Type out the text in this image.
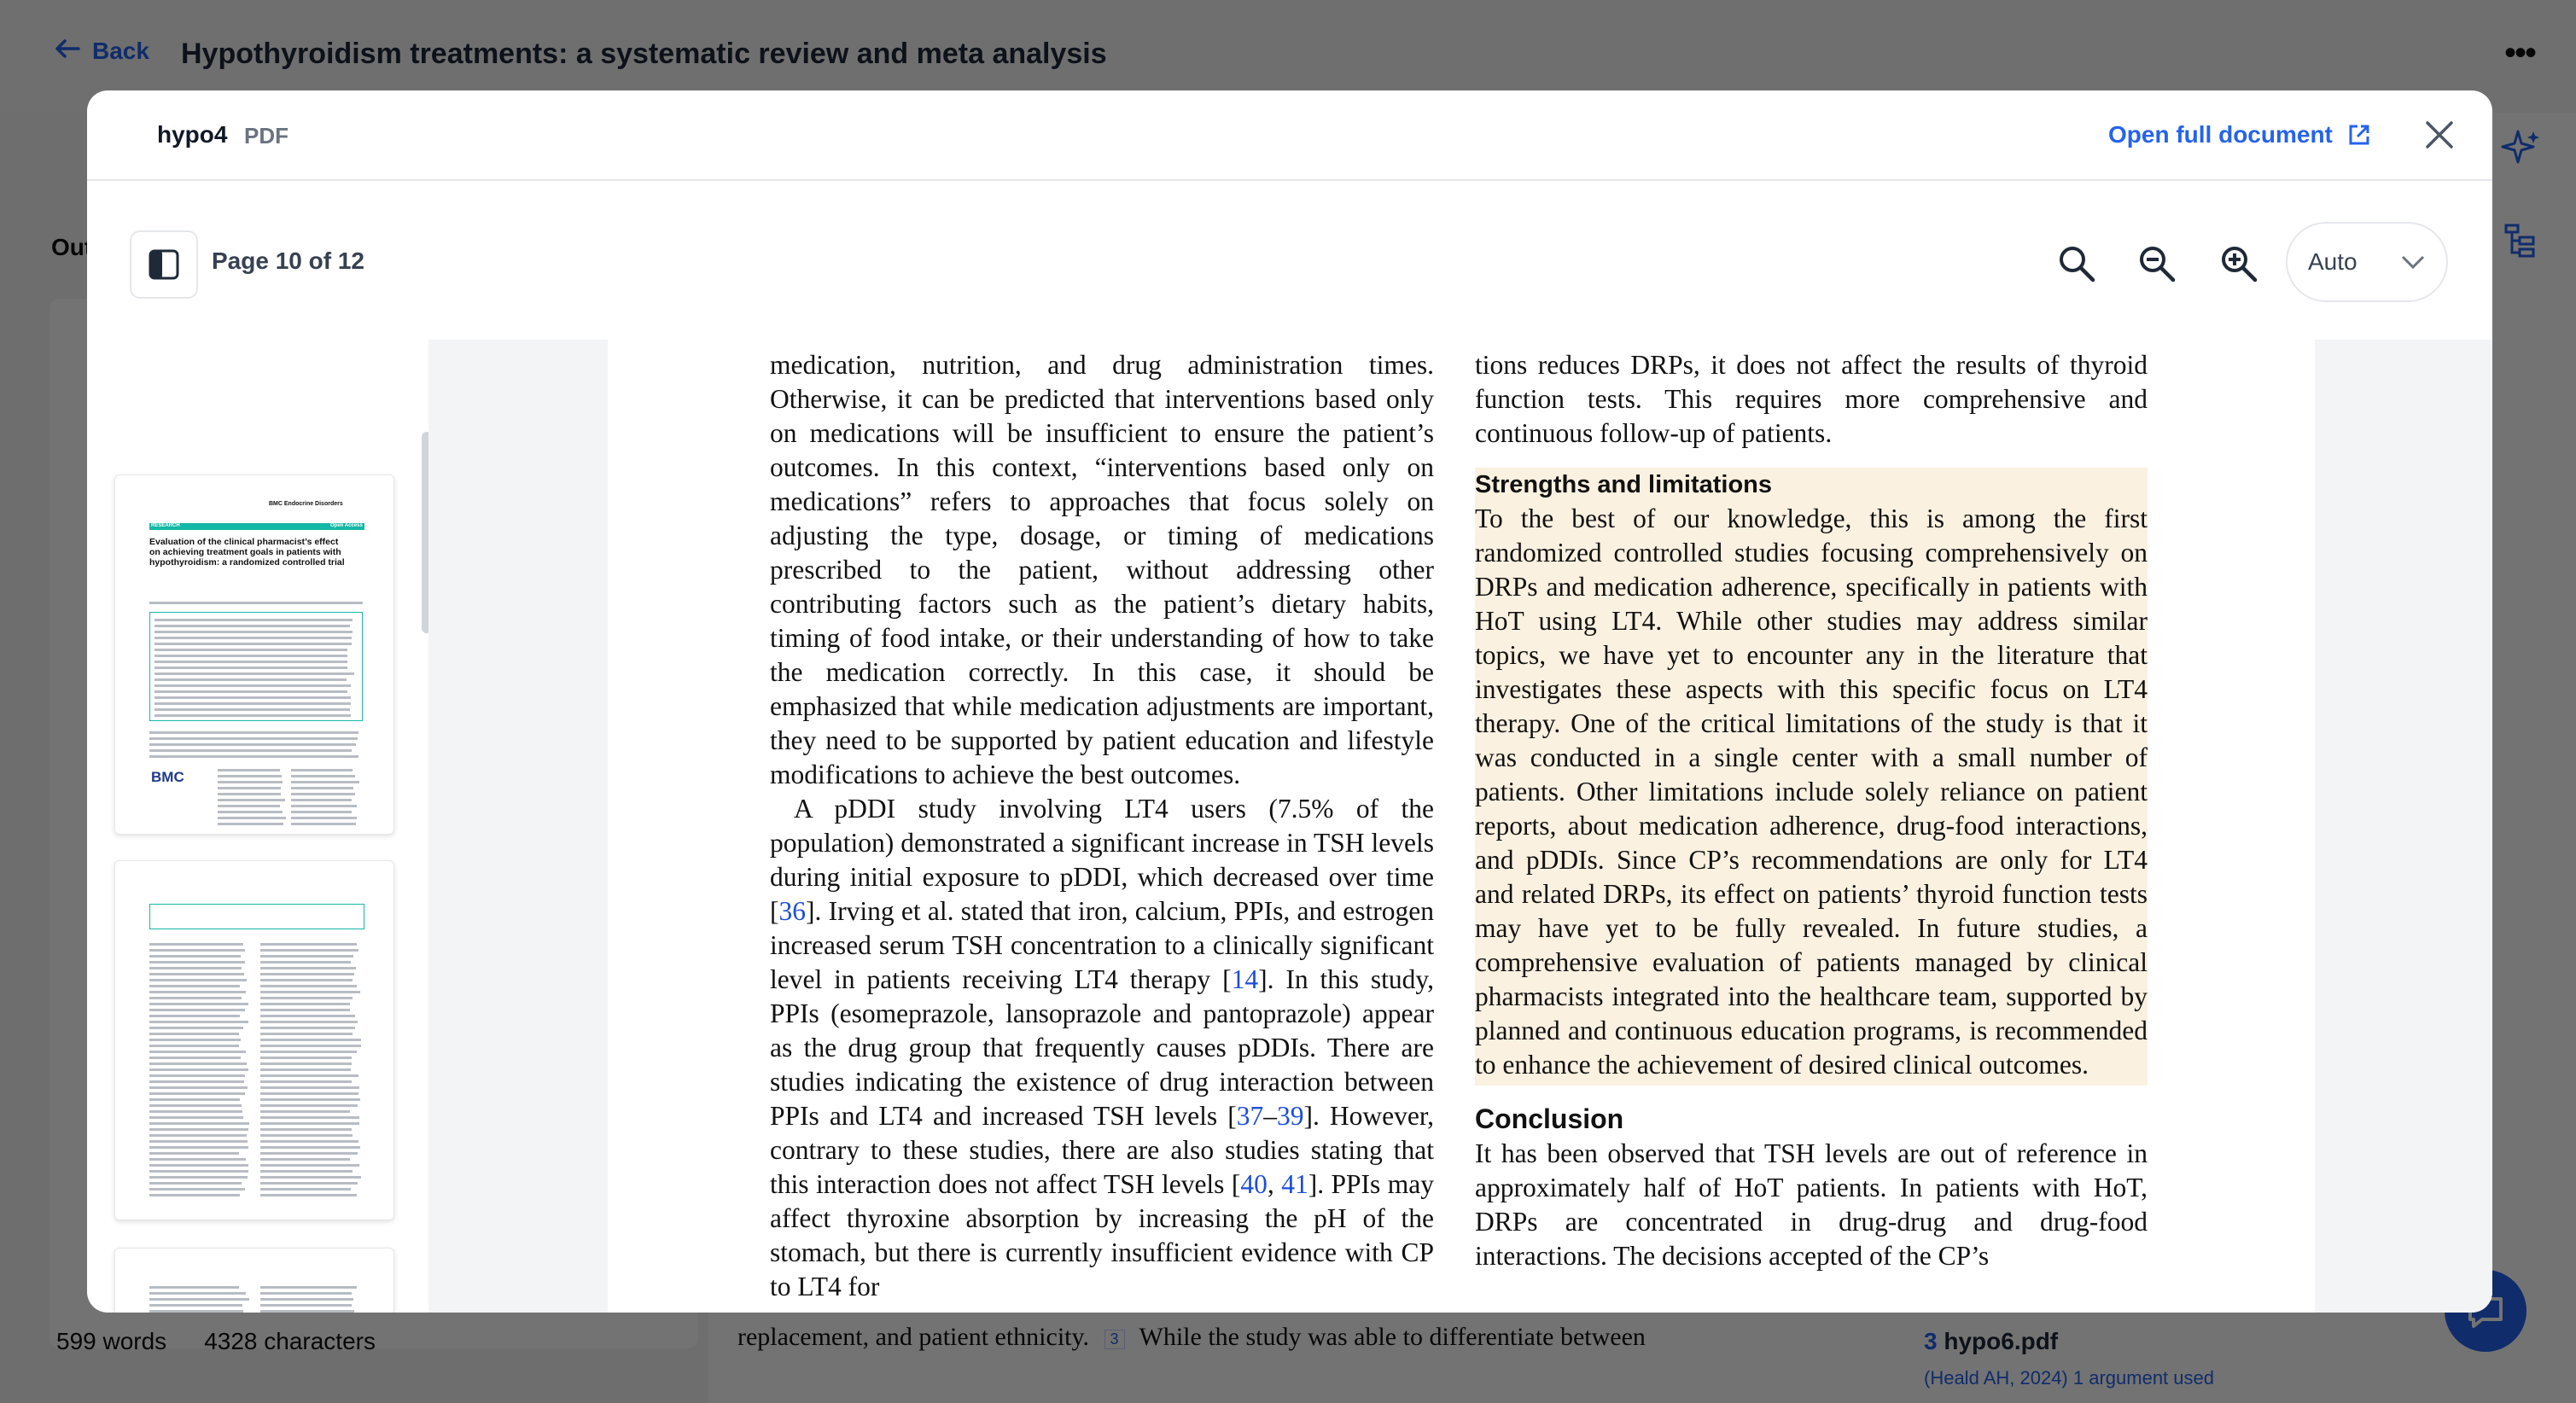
hypo4 PDF	Open full document
Page 10 of 12	Auto
BMC Endocrine Disorders
RESEARCH	Open Access
Evaluation of the clinical pharmacist’s effect on achieving treatment goals in patients with hypothyroidism: a randomized controlled trial
BMC

medication, nutrition, and drug administration times. Otherwise, it can be predicted that interventions based only on medications will be insufficient to ensure the patient’s outcomes. In this context, “interventions based only on medications” refers to approaches that focus solely on adjusting the type, dosage, or timing of medications prescribed to the patient, without addressing other contributing factors such as the patient’s dietary habits, timing of food intake, or their understanding of how to take the medication correctly. In this case, it should be emphasized that while medication adjustments are important, they need to be supported by patient education and lifestyle modifications to achieve the best outcomes.

A pDDI study involving LT4 users (7.5% of the population) demonstrated a significant increase in TSH levels during initial exposure to pDDI, which decreased over time [36]. Irving et al. stated that iron, calcium, PPIs, and estrogen increased serum TSH concentration to a clinically significant level in patients receiving LT4 therapy [14]. In this study, PPIs (esomeprazole, lansoprazole and pantoprazole) appear as the drug group that frequently causes pDDIs. There are studies indicating the existence of drug interaction between PPIs and LT4 and increased TSH levels [37–39]. However, contrary to these studies, there are also studies stating that this interaction does not affect TSH levels [40, 41]. PPIs may affect thyroxine absorption by increasing the pH of the stomach, but there is currently insufficient evidence with CP to LT4 for

tions reduces DRPs, it does not affect the results of thyroid function tests. This requires more comprehensive and continuous follow-up of patients.

Strengths and limitations

To the best of our knowledge, this is among the first randomized controlled studies focusing comprehensively on DRPs and medication adherence, specifically in patients with HoT using LT4. While other studies may address similar topics, we have yet to encounter any in the literature that investigates these aspects with this specific focus on LT4 therapy. One of the critical limitations of the study is that it was conducted in a single center with a small number of patients. Other limitations include solely reliance on patient reports, about medication adherence, drug-food interactions, and pDDIs. Since CP’s recommendations are only for LT4 and related DRPs, its effect on patients’ thyroid function tests may have yet to be fully revealed. In future studies, a comprehensive evaluation of patients managed by clinical pharmacists integrated into the healthcare team, supported by planned and continuous education programs, is recommended to enhance the achievement of desired clinical outcomes.

Conclusion

It has been observed that TSH levels are out of reference in approximately half of HoT patients. In patients with HoT, DRPs are concentrated in drug-drug and drug-food interactions. The decisions accepted of the CP’s
